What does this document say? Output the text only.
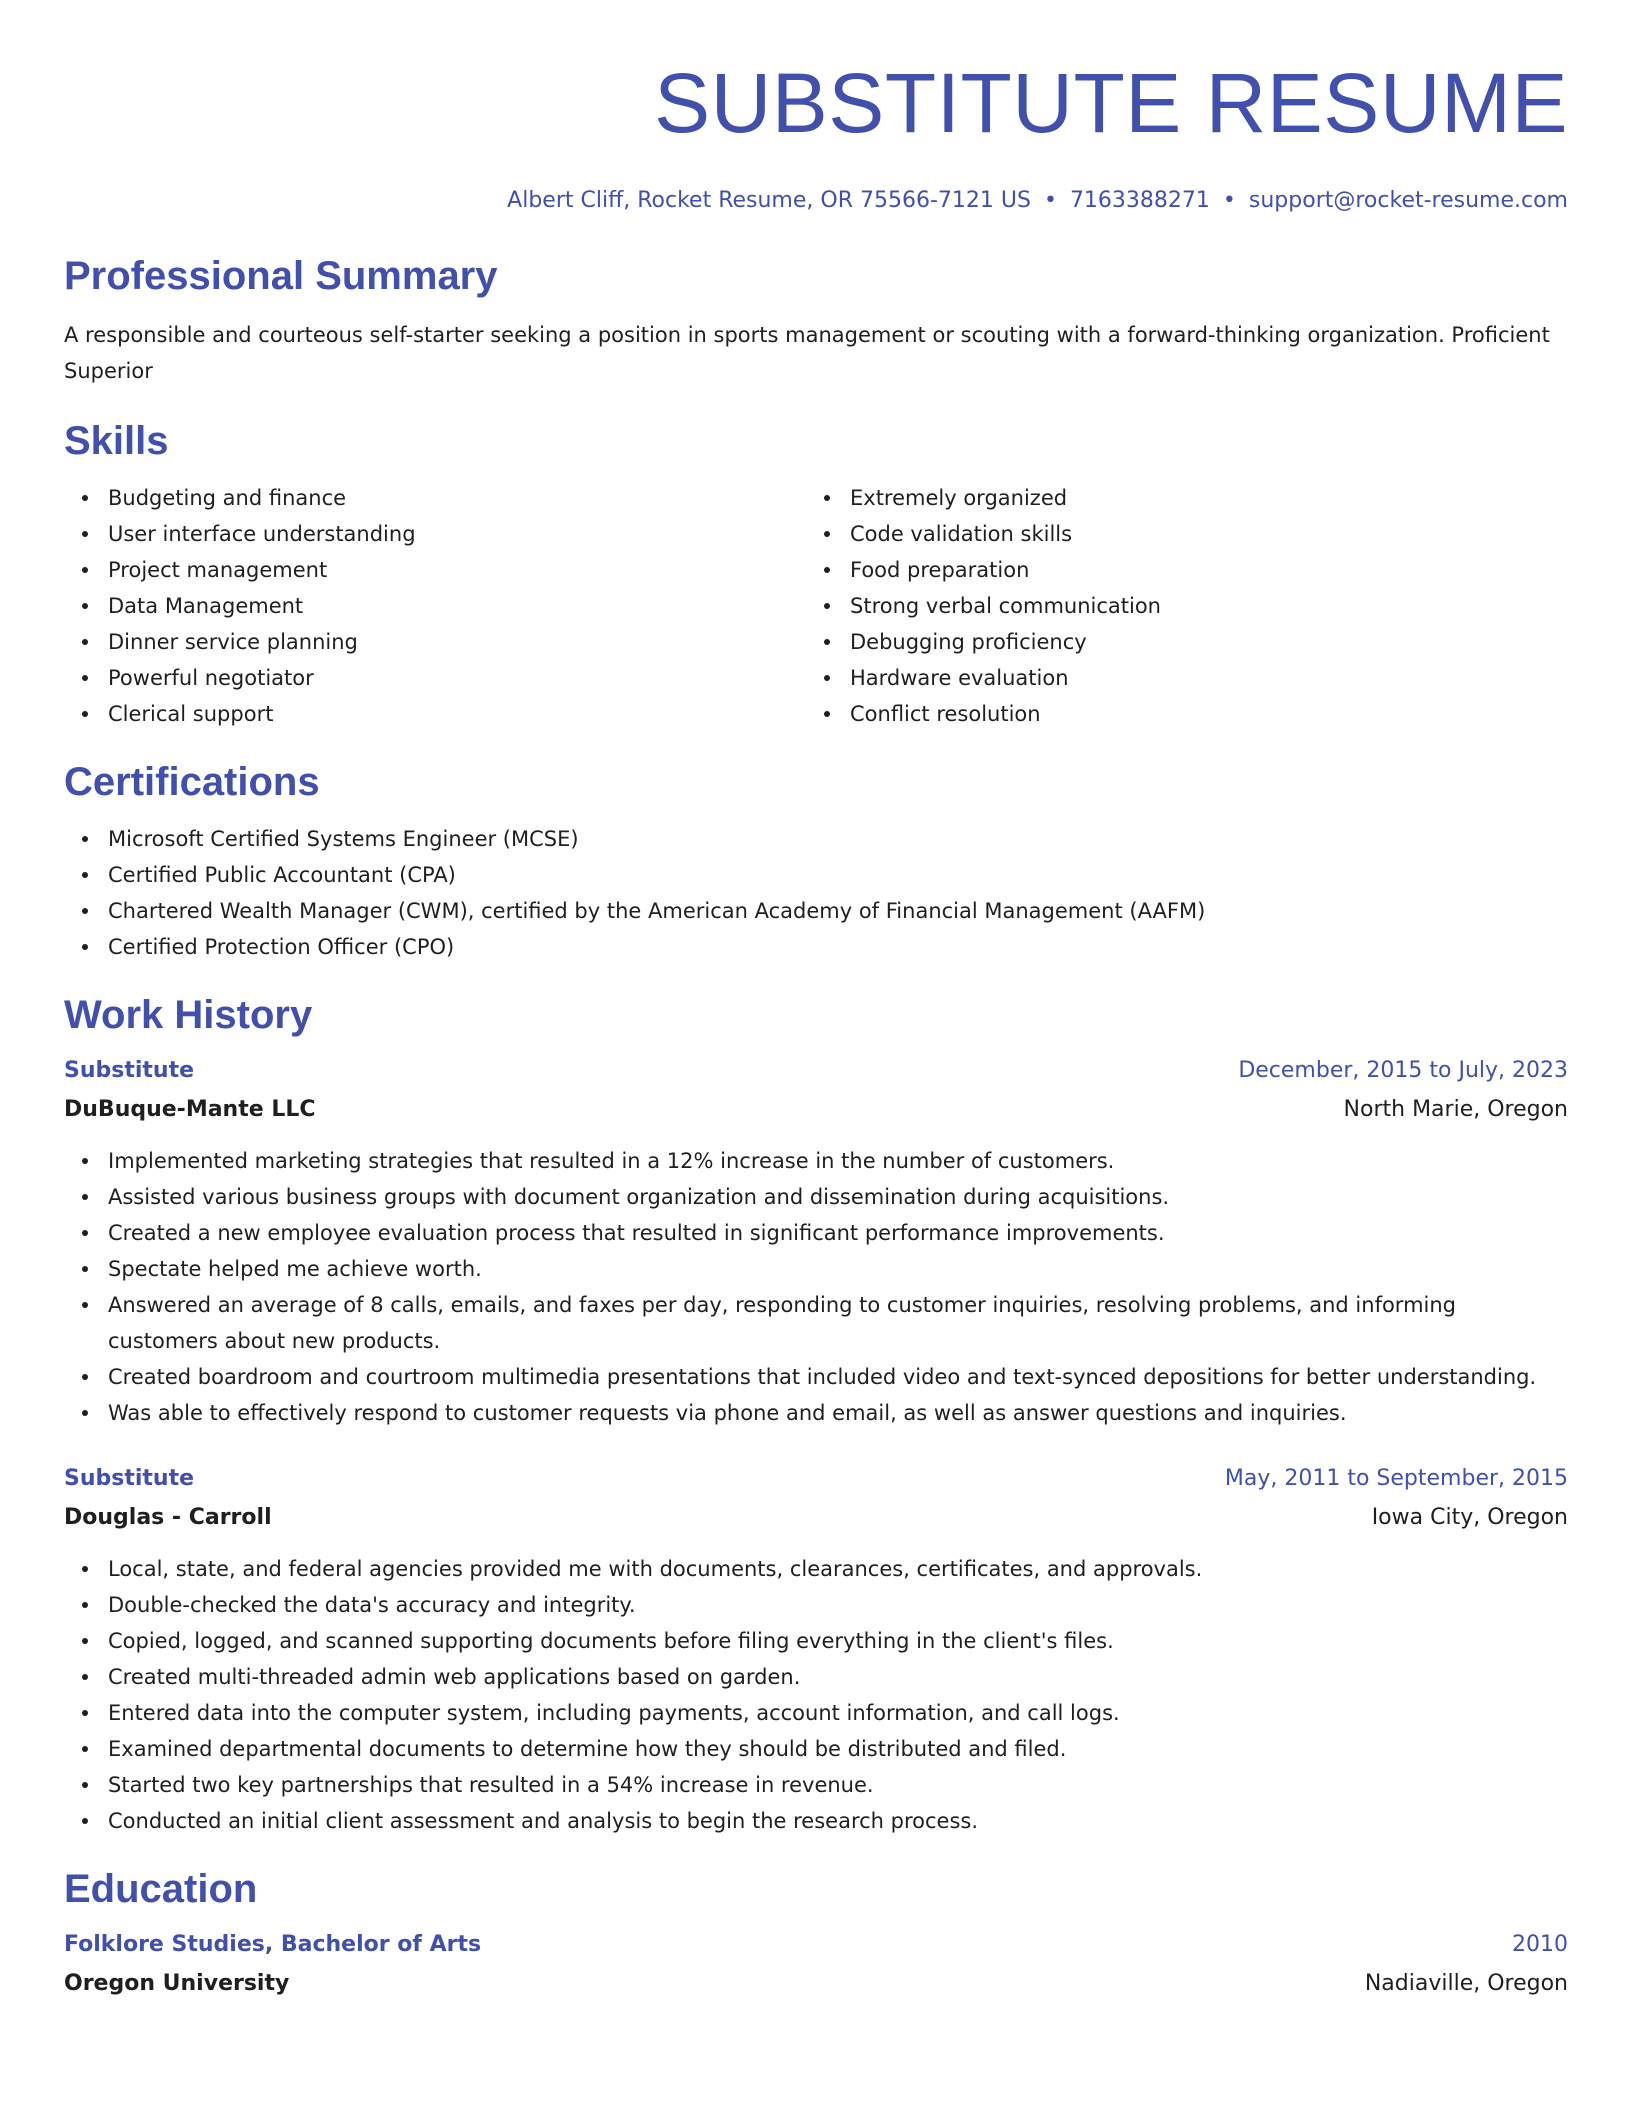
SUBSTITUTE RESUME
Albert Cliff, Rocket Resume, OR 75566-7121 US • 7163388271 • support@rocket-resume.com
Professional Summary

A responsible and courteous self-starter seeking a position in sports management or scouting with a forward-thinking organization. Proficient Superior

Skills
Budgeting and finance
User interface understanding
Project management
Data Management
Dinner service planning
Powerful negotiator
Clerical support
Extremely organized
Code validation skills
Food preparation
Strong verbal communication
Debugging proficiency
Hardware evaluation
Conflict resolution
Certifications
Microsoft Certified Systems Engineer (MCSE)
Certified Public Accountant (CPA)
Chartered Wealth Manager (CWM), certified by the American Academy of Financial Management (AAFM)
Certified Protection Officer (CPO)
Work History
Substitute	December, 2015 to July, 2023
DuBuque-Mante LLC	North Marie, Oregon
Implemented marketing strategies that resulted in a 12% increase in the number of customers.
Assisted various business groups with document organization and dissemination during acquisitions.
Created a new employee evaluation process that resulted in significant performance improvements.
Spectate helped me achieve worth.
Answered an average of 8 calls, emails, and faxes per day, responding to customer inquiries, resolving problems, and informing customers about new products.
Created boardroom and courtroom multimedia presentations that included video and text-synced depositions for better understanding.
Was able to effectively respond to customer requests via phone and email, as well as answer questions and inquiries.
Substitute	May, 2011 to September, 2015
Douglas - Carroll	Iowa City, Oregon
Local, state, and federal agencies provided me with documents, clearances, certificates, and approvals.
Double-checked the data's accuracy and integrity.
Copied, logged, and scanned supporting documents before filing everything in the client's files.
Created multi-threaded admin web applications based on garden.
Entered data into the computer system, including payments, account information, and call logs.
Examined departmental documents to determine how they should be distributed and filed.
Started two key partnerships that resulted in a 54% increase in revenue.
Conducted an initial client assessment and analysis to begin the research process.
Education
Folklore Studies, Bachelor of Arts	2010
Oregon University	Nadiaville, Oregon
